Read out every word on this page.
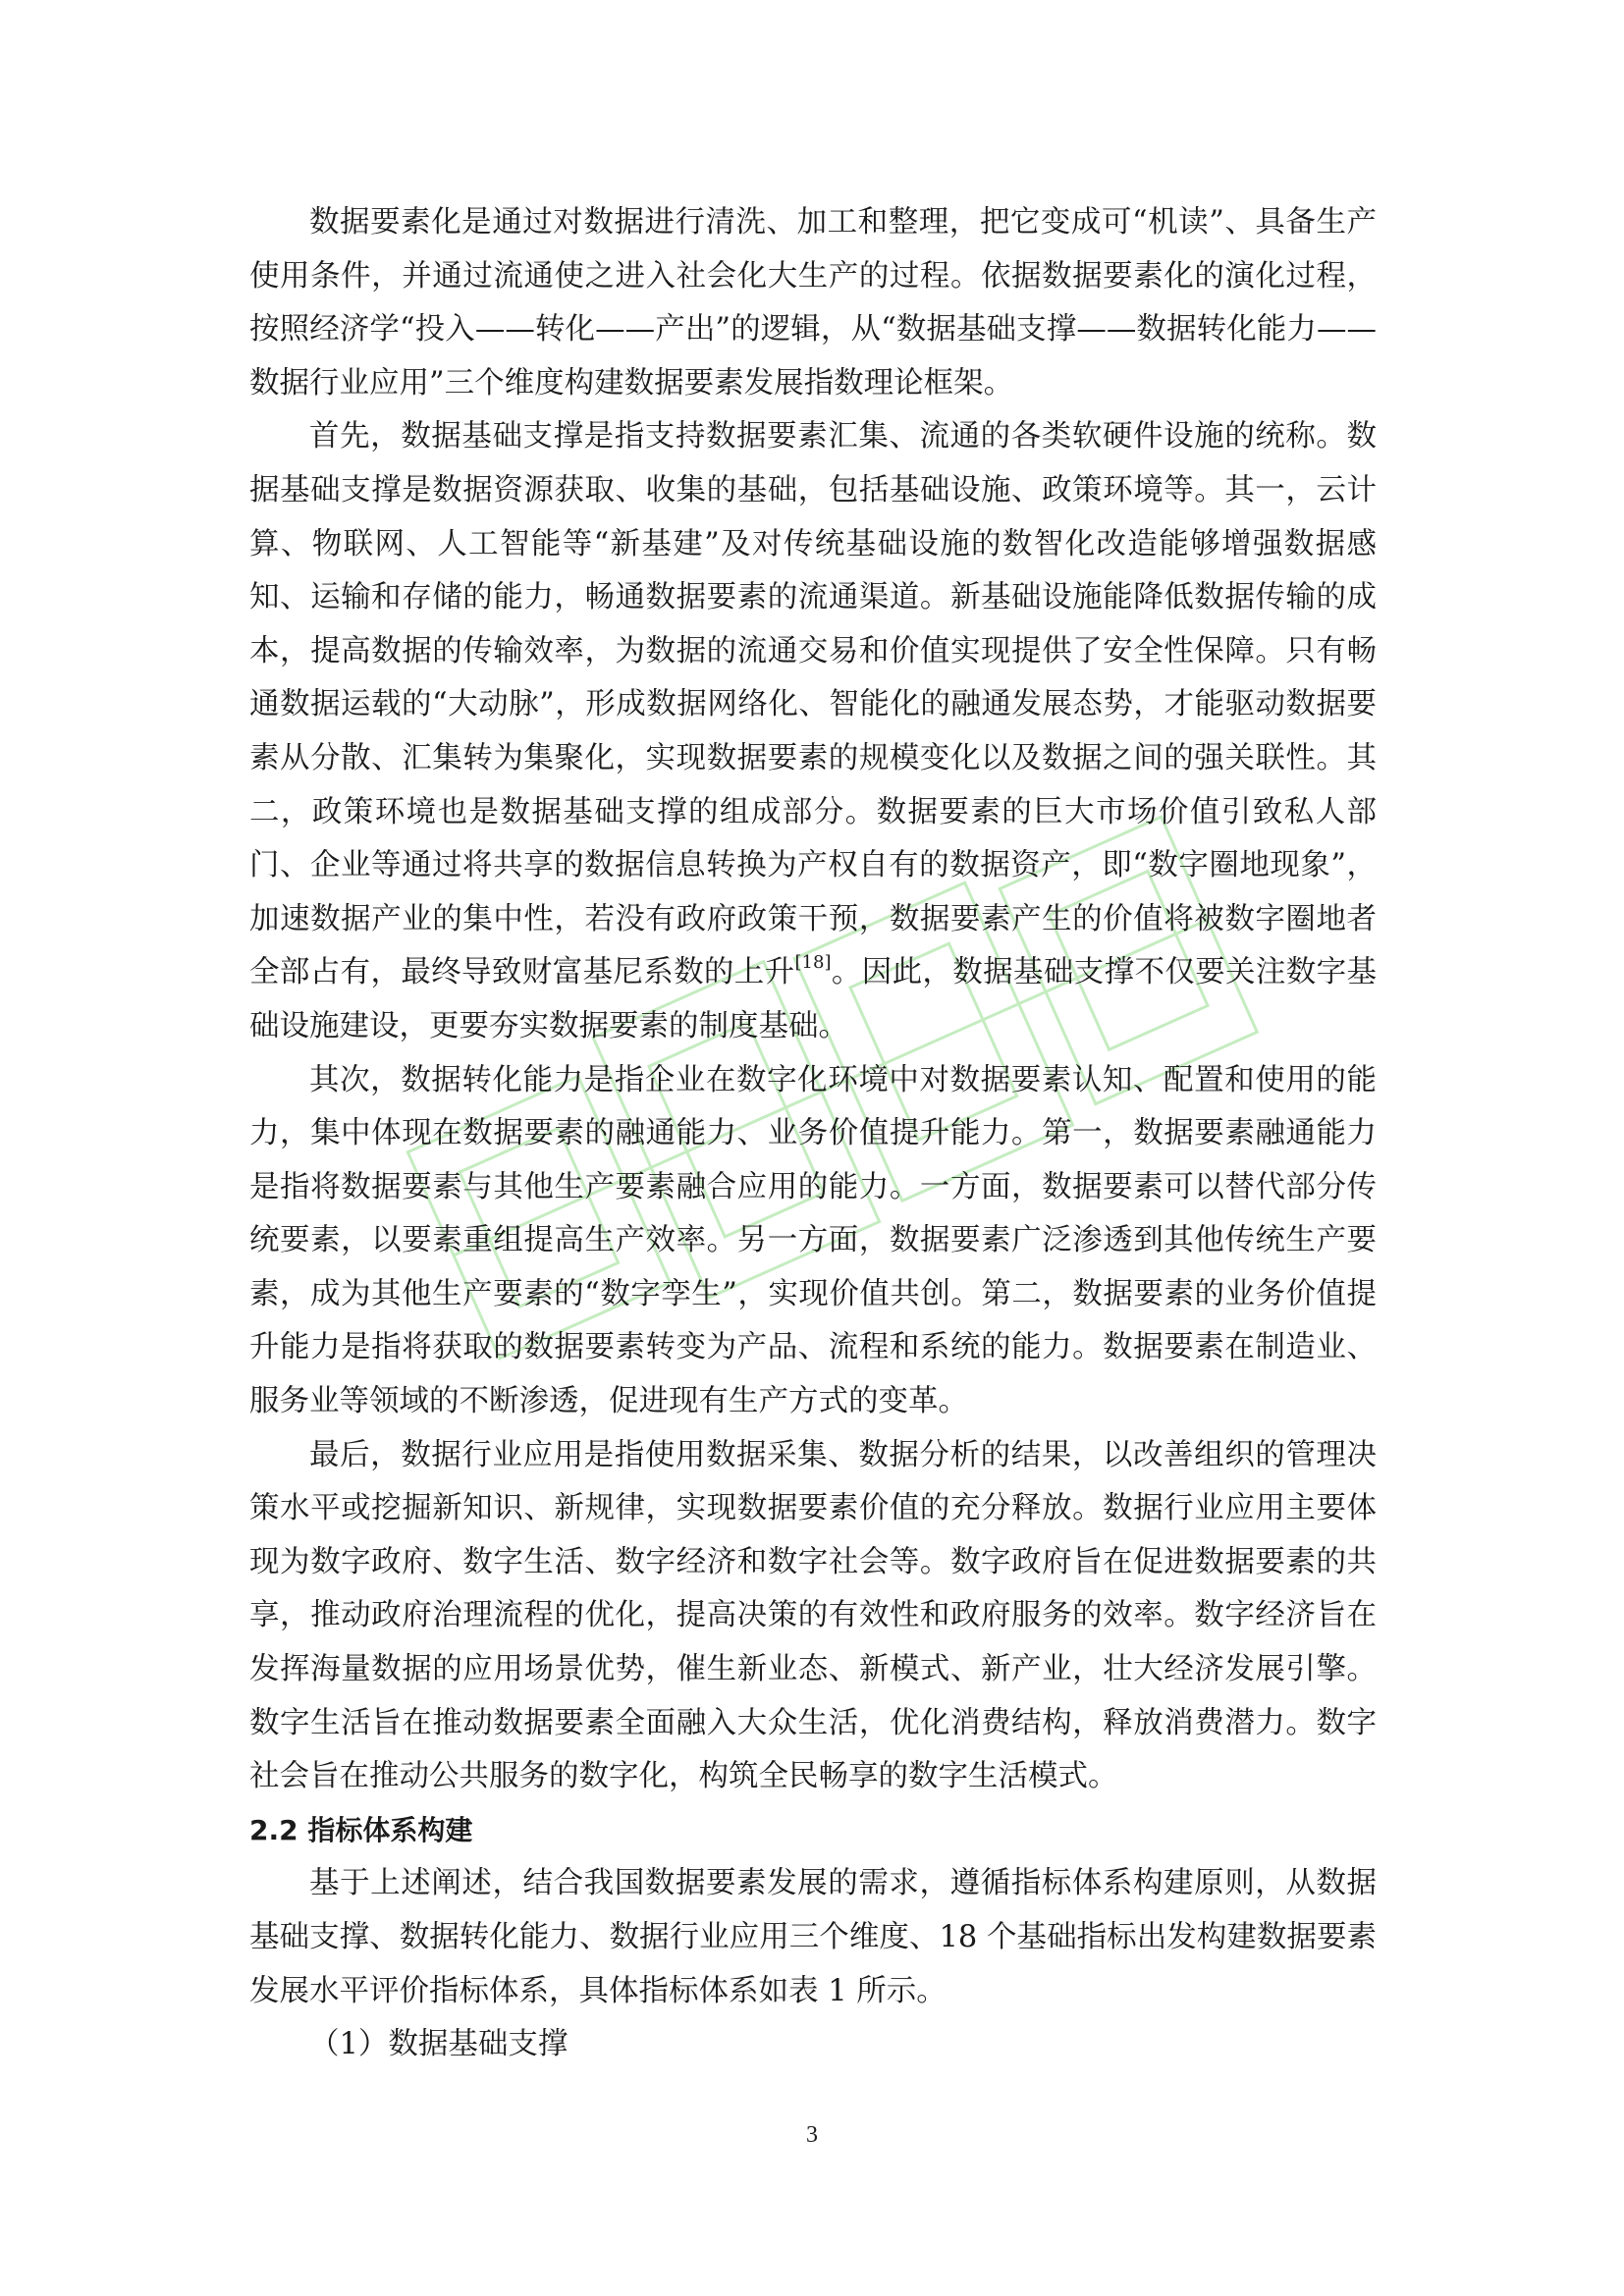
数据要素化是通过对数据进行清洗、加工和整理，把它变成可“机读”、具备生产使用条件，并通过流通使之进入社会化大生产的过程。依据数据要素化的演化过程，按照经济学“投入——转化——产出”的逻辑，从“数据基础支撑——数据转化能力——数据行业应用”三个维度构建数据要素发展指数理论框架。

首先，数据基础支撑是指支持数据要素汇集、流通的各类软硬件设施的统称。数据基础支撑是数据资源获取、收集的基础，包括基础设施、政策环境等。其一，云计算、物联网、人工智能等“新基建”及对传统基础设施的数智化改造能够增强数据感知、运输和存储的能力，畅通数据要素的流通渠道。新基础设施能降低数据传输的成本，提高数据的传输效率，为数据的流通交易和价值实现提供了安全性保障。只有畅通数据运载的“大动脉”，形成数据网络化、智能化的融通发展态势，才能驱动数据要素从分散、汇集转为集聚化，实现数据要素的规模变化以及数据之间的强关联性。其二，政策环境也是数据基础支撑的组成部分。数据要素的巨大市场价值引致私人部门、企业等通过将共享的数据信息转换为产权自有的数据资产，即“数字圈地现象”，加速数据产业的集中性，若没有政府政策干预，数据要素产生的价值将被数字圈地者全部占有，最终导致财富基尼系数的上升[18]。因此，数据基础支撑不仅要关注数字基础设施建设，更要夯实数据要素的制度基础。

其次，数据转化能力是指企业在数字化环境中对数据要素认知、配置和使用的能力，集中体现在数据要素的融通能力、业务价值提升能力。第一，数据要素融通能力是指将数据要素与其他生产要素融合应用的能力。一方面，数据要素可以替代部分传统要素，以要素重组提高生产效率。另一方面，数据要素广泛渗透到其他传统生产要素，成为其他生产要素的“数字孪生”，实现价值共创。第二，数据要素的业务价值提升能力是指将获取的数据要素转变为产品、流程和系统的能力。数据要素在制造业、服务业等领域的不断渗透，促进现有生产方式的变革。

最后，数据行业应用是指使用数据采集、数据分析的结果，以改善组织的管理决策水平或挖掘新知识、新规律，实现数据要素价值的充分释放。数据行业应用主要体现为数字政府、数字生活、数字经济和数字社会等。数字政府旨在促进数据要素的共享，推动政府治理流程的优化，提高决策的有效性和政府服务的效率。数字经济旨在发挥海量数据的应用场景优势，催生新业态、新模式、新产业，壮大经济发展引擎。数字生活旨在推动数据要素全面融入大众生活，优化消费结构，释放消费潜力。数字社会旨在推动公共服务的数字化，构筑全民畅享的数字生活模式。

2.2 指标体系构建

基于上述阐述，结合我国数据要素发展的需求，遵循指标体系构建原则，从数据基础支撑、数据转化能力、数据行业应用三个维度、18 个基础指标出发构建数据要素发展水平评价指标体系，具体指标体系如表 1 所示。

（1）数据基础支撑

3
